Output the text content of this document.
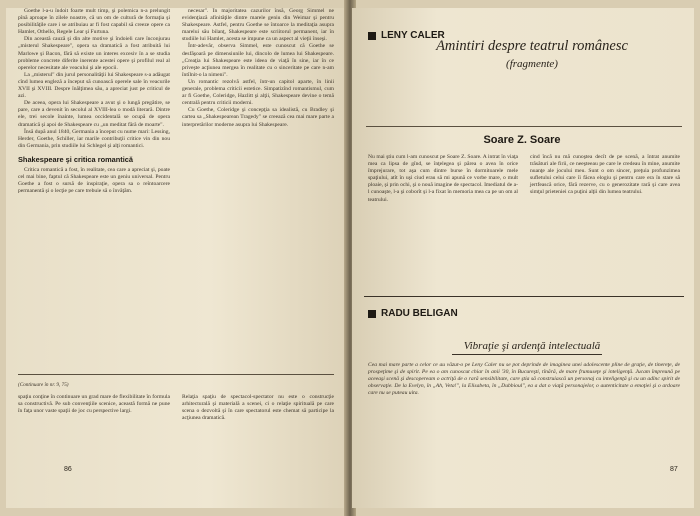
Goethe l-a-u îndoit foarte mult timp, şi polemica n-a prelungit pînă aproape în zilele noastre, că un om de cultură de formaţia şi posibilităţile care i se atribuiau ar fi fost capabil să creeze opere ca Hamlet, Othello, Regele Lear şi Furtuna.

Din această cauză şi din alte motive şi îndoieli care înconjurau „misterul Shakespeare", opera sa dramatică a fost atribuită lui Marlowe şi Bacon, fără să existe un interes excesiv în a se studia probleme concrete diferite inerente acestei opere şi profilul real al operelor necesitate ale veacului şi ale epocii.

La „misterul" din jurul personalităţii lui Shakespeare s-a adăugat cînd lumea engleză a început să cunoască operele sale în veacurile XVII şi XVIII. Despre înălţimea său, a apreciat just pe criticul de azi.

De aceea, opera lui Shakespeare a avut şi o lungă pregătire, se pare, care a devenit în secolul al XVIII-lea o modă literară. Dintre ele, trei secole înainte, lumea occidentală se ocupă de opera dramatică şi apoi de Shakespeare cu „un meditat fără de moarte".

Însă după anul 1840, Germania a început cu nume mari: Lessing, Herder, Goethe, Schiller, iar marile contribuţii critice vin din nou din Germania, prin studiile lui Schlegel şi alţi romantici.

Shakespeare şi critica romantică

Critica romantică a fost, în realitate, cea care a apreciat şi, poate cel mai bine, faptul că Shakespeare este un geniu universal. Pentru Goethe a fost o sursă de inspiraţie, opera sa o reîntoarcere permanentă şi o lecţie pe care trebuie să o învăţăm.

necesar". În majoritatea cazurilor însă, Georg Simmel ne evidenţiază afinităţile dintre marele geniu din Weimar şi pentru Shakespeare. Astfel, pentru Goethe se întoarce la meditaţia asupra marelui său bilanţ, Shakespeare este scriitorul permanent, iar în studiile lui Hamlet, acesta se impune ca un aspect al vieţii înseşi.

Într-adevăr, observa Simmel, este cunoscut că Goethe se desfăşoară pe dimensiunile lui, dincolo de lumea lui Shakespeare. „Creaţia lui Shakespeare este ideea de viaţă în sine, iar în ce priveşte acţiunea mergea în realitate cu o sinceritate pe care n-am întîlnit-o la nimeni".

Un romantic rezolvă astfel, într-un capitol aparte, în linii generale, problema criticii estetice. Simpatizînd romantismul, cum ar fi Goethe, Coleridge, Hazlitt şi alţii, Shakespeare devine o temă centrală pentru criticii moderni.

Cu Goethe, Coleridge şi concepţia sa idealistă, cu Bradley şi cartea sa „Shakespearean Tragedy" se creează cea mai mare parte a interpretărilor moderne asupra lui Shakespeare.

(Continuare în nr. 9, 75)
spaţiu conţine în continuare un grad mare de flexibilitate în formula sa constructivă. Pe sub convenţiile scenice, această formă ne pune în faţa unor vaste spaţii de joc cu perspective largi.
Relaţia spaţiu de spectacol-spectator nu este o construcţie arhitecturală şi materială a scenei, ci o relaţie spirituală pe care scena o dezvoltă şi în care spectatorul este chemat să participe la acţiunea dramatică.
86
LENY CALER
Amintiri despre teatrul românesc
(fragmente)
Soare Z. Soare
Nu mai ştiu cum l-am cunoscut pe Soare Z. Soare. A intrat în viaţa mea ca lipsa de gînd, se înţelegea şi părea o avea în orice împrejurare, tot aşa cum dintre burse în dormitoarele mele spaţiului, atît în uşi ciud erau să mi apună ce vorbe mare, o mult ploaie, şi prin ochi, şi o nouă imagine de spectacol. Imediatul de a-l cunoaşte, l-a şi coborît şi l-a fixat în memoria mea ca pe un om al teatrului.
cind încă nu mă cunoştea decît de pe scenă, a întrat anumite trăsături ale firii, ce neeşteeau pe care le credeau în mine, anumite nuanţe ale jocului meu. Sunt o om sincer, preţuia profunzimea sufletului celui care îi făcea elogiu şi pentru care era în stare să jertfească orice, fără rezerve, cu o generozitate rară şi care avea simţul prieteniei ca puţini alţii din lumea teatrului.
RADU BELIGAN
Vibraţie şi ardenţă intelectuală
Cea mai mare parte a celor ce au văzut-o pe Leny Caler nu se pot deprinde de imaginea unei adolescente pline de graţie, de tinereţe, de prospeţime şi de spirit. Pe ea o am cunoscut chiar în anii '30, în Bucureşti, tînără, de mare frumuseţe şi inteligenţă. Jucam împreună pe aceeaşi scenă şi descopeream o actriţă de o rară sensibilitate, care ştia să construiască un personaj cu inteligenţă şi cu un adînc spirit de observaţie. De la Evelyn, în „Ah, Veta!", la Elisabeta, în „Dubbioul", ea a dat o viaţă personajelor, o autenticitate a emoţiei şi o ardoare care nu se puteau uita.
87
